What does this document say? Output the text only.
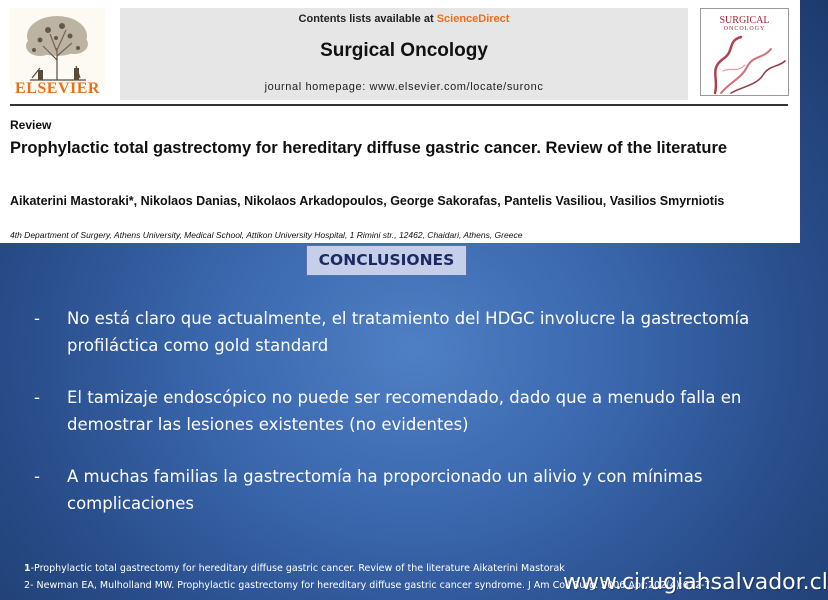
ELSEVIER
Contents lists available at ScienceDirect
Surgical Oncology
journal homepage: www.elsevier.com/locate/suronc
SURGICAL
ONCOLOGY
Review
Prophylactic total gastrectomy for hereditary diffuse gastric cancer. Review of the literature
Aikaterini Mastoraki*, Nikolaos Danias, Nikolaos Arkadopoulos, George Sakorafas, Pantelis Vasiliou, Vasilios Smyrniotis
4th Department of Surgery, Athens University, Medical School, Attikon University Hospital, 1 Rimini str., 12462, Chaidari, Athens, Greece
CONCLUSIONES
- No está claro que actualmente, el tratamiento del HDGC involucre la gastrectomía profiláctica como gold standard
- El tamizaje endoscópico no puede ser recomendado, dado que a menudo falla en demostrar las lesiones existentes (no evidentes)
- A muchas familias la gastrectomía ha proporcionado un alivio y con mínimas complicaciones
1-Prophylactic total gastrectomy for hereditary diffuse gastric cancer. Review of the literature Aikaterini Mastorak
2- Newman EA, Mulholland MW. Prophylactic gastrectomy for hereditary diffuse gastric cancer syndrome. J Am Coll Surg. 2006 Apr;202(4):612-7.
www.cirugiahsalvador.cl
